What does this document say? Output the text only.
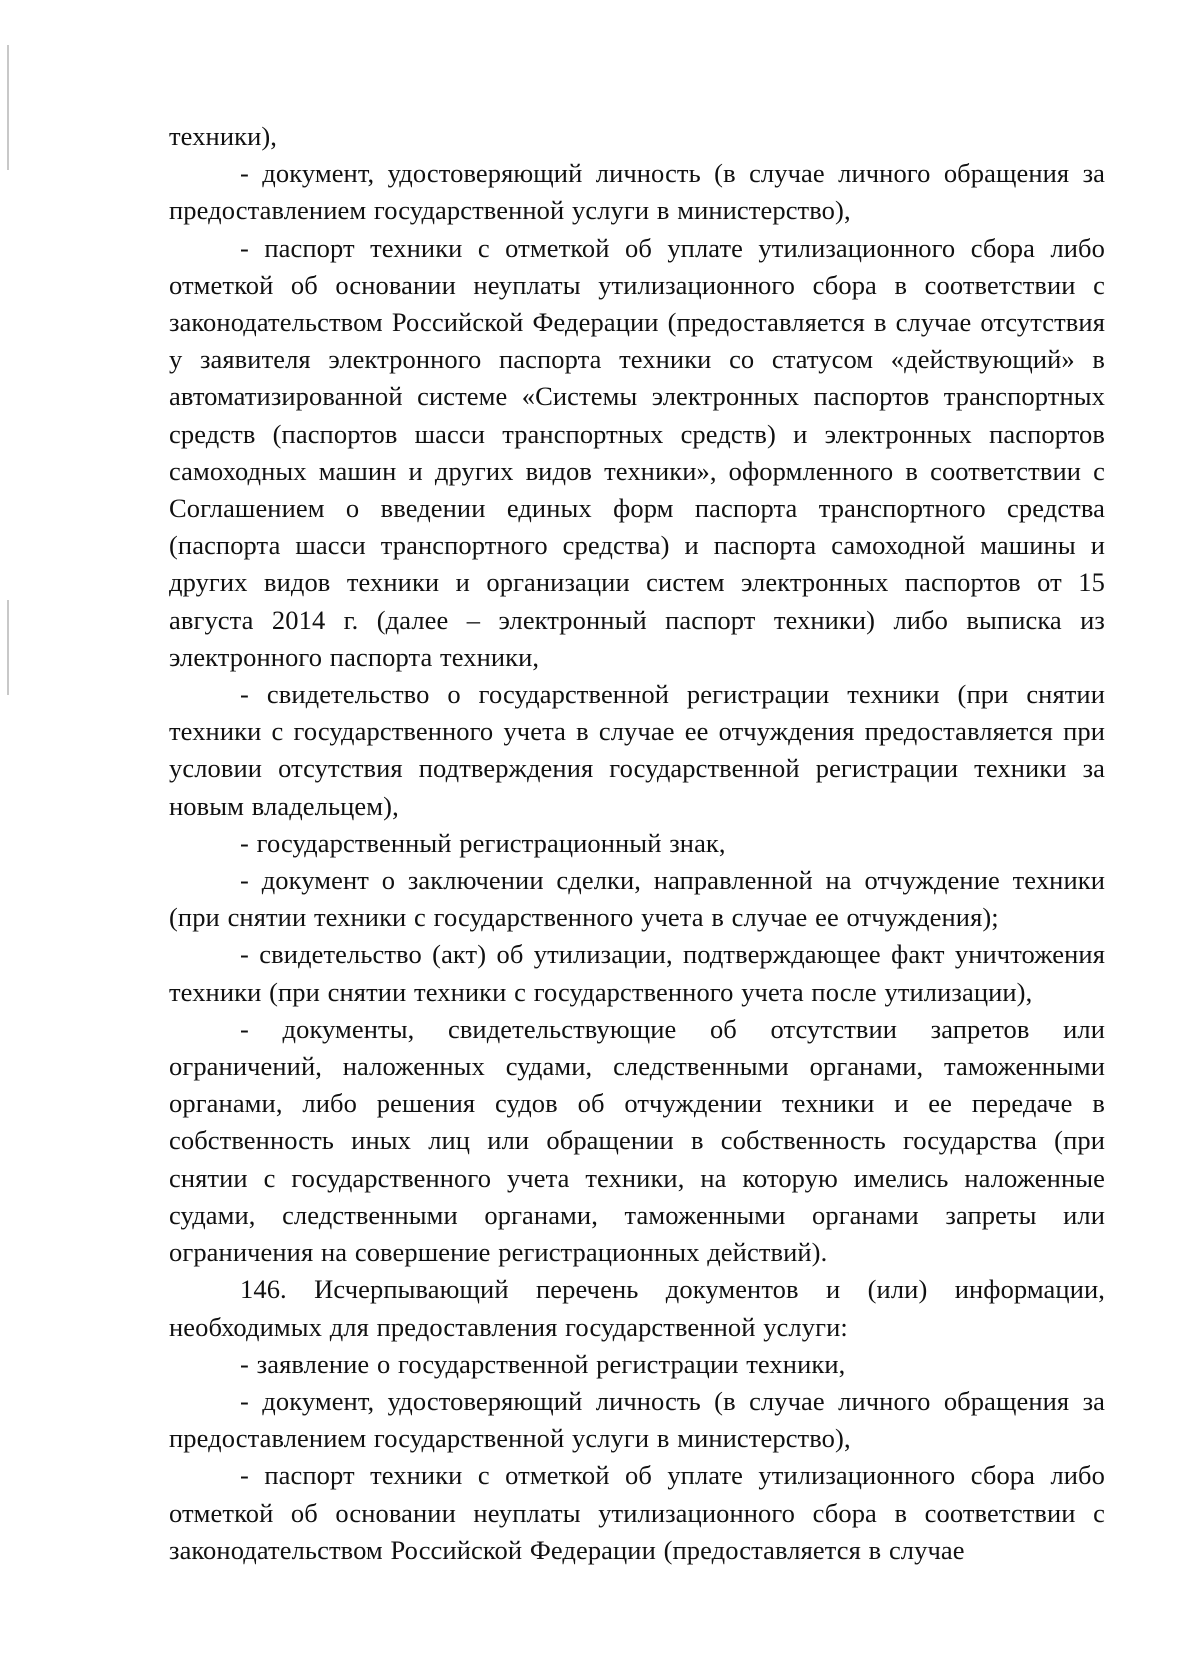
техники),

- документ, удостоверяющий личность (в случае личного обращения за предоставлением государственной услуги в министерство),

- паспорт техники с отметкой об уплате утилизационного сбора либо отметкой об основании неуплаты утилизационного сбора в соответствии с законодательством Российской Федерации (предоставляется в случае отсутствия у заявителя электронного паспорта техники со статусом «действующий» в автоматизированной системе «Системы электронных паспортов транспортных средств (паспортов шасси транспортных средств) и электронных паспортов самоходных машин и других видов техники», оформленного в соответствии с Соглашением о введении единых форм паспорта транспортного средства (паспорта шасси транспортного средства) и паспорта самоходной машины и других видов техники и организации систем электронных паспортов от 15 августа 2014 г. (далее – электронный паспорт техники) либо выписка из электронного паспорта техники,

- свидетельство о государственной регистрации техники (при снятии техники с государственного учета в случае ее отчуждения предоставляется при условии отсутствия подтверждения государственной регистрации техники за новым владельцем),

- государственный регистрационный знак,

- документ о заключении сделки, направленной на отчуждение техники (при снятии техники с государственного учета в случае ее отчуждения);

- свидетельство (акт) об утилизации, подтверждающее факт уничтожения техники (при снятии техники с государственного учета после утилизации),

- документы, свидетельствующие об отсутствии запретов или ограничений, наложенных судами, следственными органами, таможенными органами, либо решения судов об отчуждении техники и ее передаче в собственность иных лиц или обращении в собственность государства (при снятии с государственного учета техники, на которую имелись наложенные судами, следственными органами, таможенными органами запреты или ограничения на совершение регистрационных действий).

146. Исчерпывающий перечень документов и (или) информации, необходимых для предоставления государственной услуги:

- заявление о государственной регистрации техники,

- документ, удостоверяющий личность (в случае личного обращения за предоставлением государственной услуги в министерство),

- паспорт техники с отметкой об уплате утилизационного сбора либо отметкой об основании неуплаты утилизационного сбора в соответствии с законодательством Российской Федерации (предоставляется в случае
